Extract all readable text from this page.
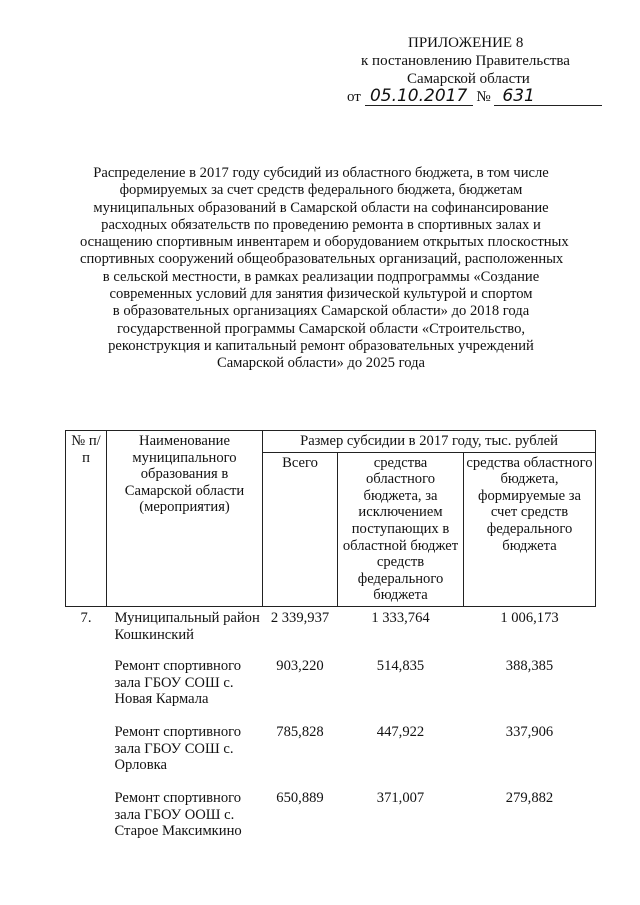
ПРИЛОЖЕНИЕ 8
к постановлению Правительства
Самарской области
от 05.10.2017 № 631
Распределение в 2017 году субсидий из областного бюджета, в том числе
формируемых за счет средств федерального бюджета, бюджетам
муниципальных образований в Самарской области на софинансирование
расходных обязательств по проведению ремонта в спортивных залах и
оснащению спортивным инвентарем и оборудованием открытых плоскостных
спортивных сооружений общеобразовательных организаций, расположенных
в сельской местности, в рамках реализации подпрограммы «Создание
современных условий для занятия физической культурой и спортом
в образовательных организациях Самарской области» до 2018 года
государственной программы Самарской области «Строительство,
реконструкция и капитальный ремонт образовательных учреждений
Самарской области» до 2025 года
№ п/п	Наименование муниципального образования в Самарской области (мероприятия)	Размер субсидии в 2017 году, тыс. рублей		
		Всего	средства областного бюджета, за исключением поступающих в областной бюджет средств федерального бюджета	средства областного бюджета, формируемые за счет средств федерального бюджета
7.	Муниципальный район Кошкинский	2 339,937	1 333,764	1 006,173
	Ремонт спортивного зала ГБОУ СОШ с. Новая Кармала	903,220	514,835	388,385
	Ремонт спортивного зала ГБОУ СОШ с. Орловка	785,828	447,922	337,906
	Ремонт спортивного зала ГБОУ ООШ с. Старое Максимкино	650,889	371,007	279,882
